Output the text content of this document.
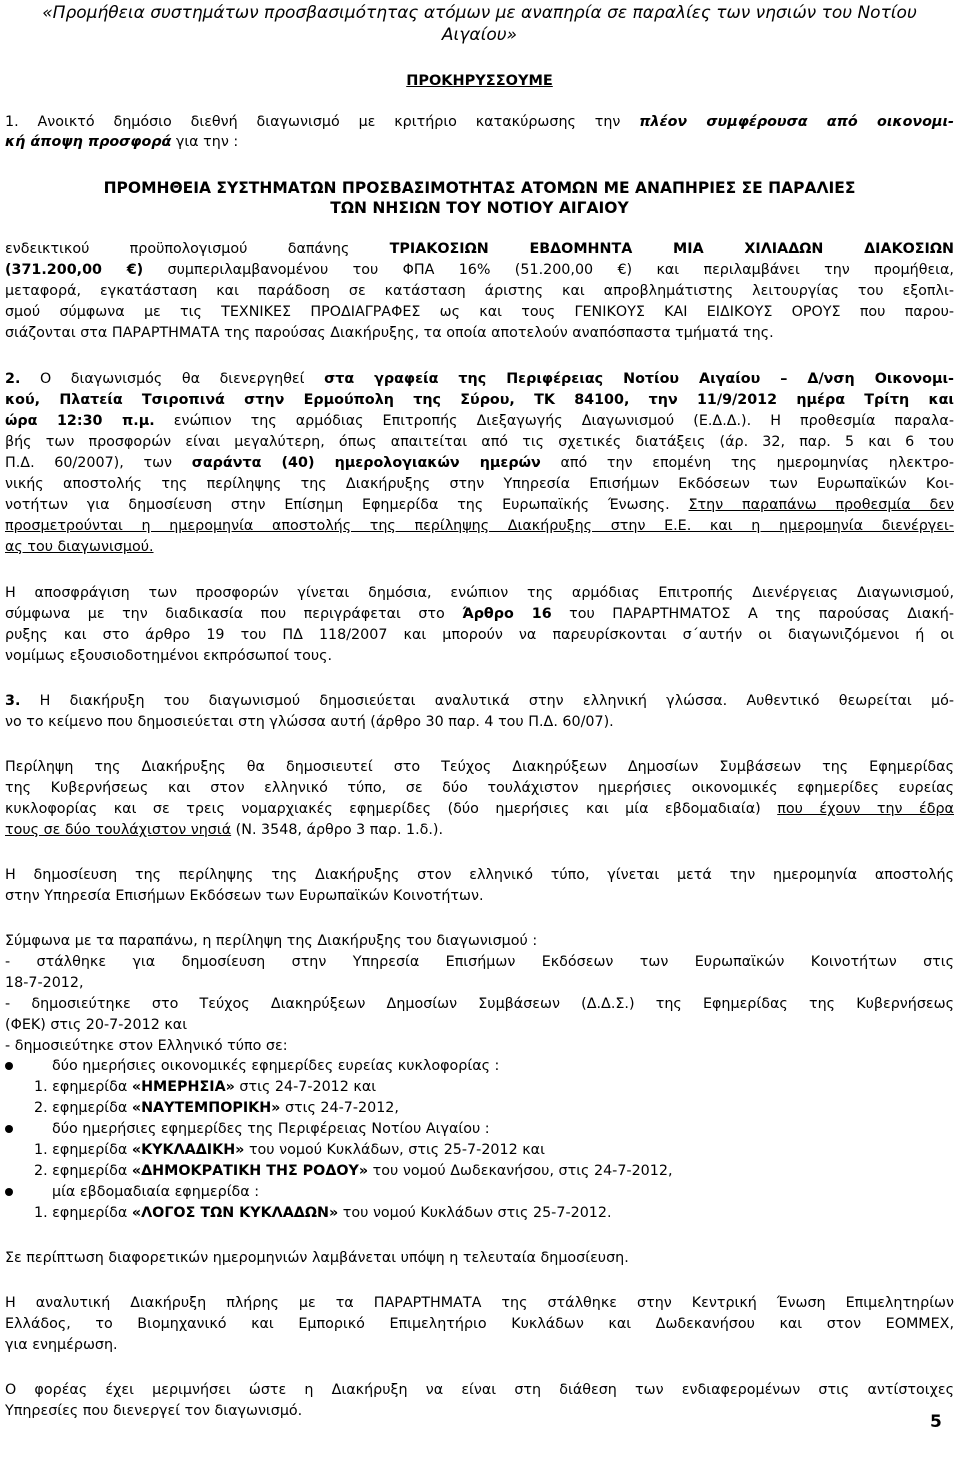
«Προμήθεια συστημάτων προσβασιμότητας ατόμων με αναπηρία σε παραλίες των νησιών του Νοτίου
Αιγαίου»
ΠΡΟΚΗΡΥΣΣΟΥΜΕ
1. Ανοικτό δημόσιο διεθνή διαγωνισμό με κριτήριο κατακύρωσης την πλέον συμφέρουσα από οικονομι-
κή άποψη προσφορά για την :
ΠΡΟΜΗΘΕΙΑ ΣΥΣΤΗΜΑΤΩΝ ΠΡΟΣΒΑΣΙΜΟΤΗΤΑΣ ΑΤΟΜΩΝ ΜΕ ΑΝΑΠΗΡΙΕΣ ΣΕ ΠΑΡΑΛΙΕΣ
ΤΩΝ ΝΗΣΙΩΝ ΤΟΥ ΝΟΤΙΟΥ ΑΙΓΑΙΟΥ
ενδεικτικού προϋπολογισμού δαπάνης ΤΡΙΑΚΟΣΙΩΝ ΕΒΔΟΜΗΝΤΑ ΜΙΑ ΧΙΛΙΑΔΩΝ ΔΙΑΚΟΣΙΩΝ
(371.200,00 €) συμπεριλαμβανομένου του ΦΠΑ 16% (51.200,00 €) και περιλαμβάνει την προμήθεια,
μεταφορά, εγκατάσταση και παράδοση σε κατάσταση άριστης και απροβλημάτιστης λειτουργίας του εξοπλι-
σμού σύμφωνα με τις ΤΕΧΝΙΚΕΣ ΠΡΟΔΙΑΓΡΑΦΕΣ ως και τους ΓΕΝΙΚΟΥΣ ΚΑΙ ΕΙΔΙΚΟΥΣ ΟΡΟΥΣ που παρου-
σιάζονται στα ΠΑΡΑΡΤΗΜΑΤΑ της παρούσας Διακήρυξης, τα οποία αποτελούν αναπόσπαστα τμήματά της.
2. Ο διαγωνισμός θα διενεργηθεί στα γραφεία της Περιφέρειας Νοτίου Αιγαίου – Δ/νση Οικονομι-
κού, Πλατεία Τσιροπινά στην Ερμούπολη της Σύρου, ΤΚ 84100, την 11/9/2012 ημέρα Τρίτη και
ώρα 12:30 π.μ. ενώπιον της αρμόδιας Επιτροπής Διεξαγωγής Διαγωνισμού (Ε.Δ.Δ.). Η προθεσμία παραλα-
βής των προσφορών είναι μεγαλύτερη, όπως απαιτείται από τις σχετικές διατάξεις (άρ. 32, παρ. 5 και 6 του
Π.Δ. 60/2007), των σαράντα (40) ημερολογιακών ημερών από την επομένη της ημερομηνίας ηλεκτρο-
νικής αποστολής της περίληψης της Διακήρυξης στην Υπηρεσία Επισήμων Εκδόσεων των Ευρωπαϊκών Κοι-
νοτήτων για δημοσίευση στην Επίσημη Εφημερίδα της Ευρωπαϊκής Ένωσης. Στην παραπάνω προθεσμία δεν
προσμετρούνται η ημερομηνία αποστολής της περίληψης Διακήρυξης στην Ε.Ε. και η ημερομηνία διενέργει-
ας του διαγωνισμού.
Η αποσφράγιση των προσφορών γίνεται δημόσια, ενώπιον της αρμόδιας Επιτροπής Διενέργειας Διαγωνισμού,
σύμφωνα με την διαδικασία που περιγράφεται στο Άρθρο 16 του ΠΑΡΑΡΤΗΜΑΤΟΣ Α της παρούσας Διακή-
ρυξης και στο άρθρο 19 του ΠΔ 118/2007 και μπορούν να παρευρίσκονται σ΄αυτήν οι διαγωνιζόμενοι ή οι
νομίμως εξουσιοδοτημένοι εκπρόσωποί τους.
3. Η διακήρυξη του διαγωνισμού δημοσιεύεται αναλυτικά στην ελληνική γλώσσα. Αυθεντικό θεωρείται μό-
νο το κείμενο που δημοσιεύεται στη γλώσσα αυτή (άρθρο 30 παρ. 4 του Π.Δ. 60/07).
Περίληψη της Διακήρυξης θα δημοσιευτεί στο Τεύχος Διακηρύξεων Δημοσίων Συμβάσεων της Εφημερίδας
της Κυβερνήσεως και στον ελληνικό τύπο, σε δύο τουλάχιστον ημερήσιες οικονομικές εφημερίδες ευρείας
κυκλοφορίας και σε τρεις νομαρχιακές εφημερίδες (δύο ημερήσιες και μία εβδομαδιαία) που έχουν την έδρα
τους σε δύο τουλάχιστον νησιά (Ν. 3548, άρθρο 3 παρ. 1.δ.).
Η δημοσίευση της περίληψης της Διακήρυξης στον ελληνικό τύπο, γίνεται μετά την ημερομηνία αποστολής
στην Υπηρεσία Επισήμων Εκδόσεων των Ευρωπαϊκών Κοινοτήτων.
Σύμφωνα με τα παραπάνω, η περίληψη της Διακήρυξης του διαγωνισμού :
- στάλθηκε για δημοσίευση στην Υπηρεσία Επισήμων Εκδόσεων των Ευρωπαϊκών Κοινοτήτων στις
18-7-2012,
- δημοσιεύτηκε στο Τεύχος Διακηρύξεων Δημοσίων Συμβάσεων (Δ.Δ.Σ.) της Εφημερίδας της Κυβερνήσεως
(ΦΕΚ) στις 20-7-2012 και
- δημοσιεύτηκε στον Ελληνικό τύπο σε:
δύο ημερήσιες οικονομικές εφημερίδες ευρείας κυκλοφορίας :
1. εφημερίδα «ΗΜΕΡΗΣΙΑ» στις 24-7-2012 και
2. εφημερίδα «ΝΑΥΤΕΜΠΟΡΙΚΗ» στις 24-7-2012,
δύο ημερήσιες εφημερίδες της Περιφέρειας Νοτίου Αιγαίου :
1. εφημερίδα «ΚΥΚΛΑΔΙΚΗ» του νομού Κυκλάδων, στις 25-7-2012 και
2. εφημερίδα «ΔΗΜΟΚΡΑΤΙΚΗ ΤΗΣ ΡΟΔΟΥ» του νομού Δωδεκανήσου, στις 24-7-2012,
μία εβδομαδιαία εφημερίδα :
1. εφημερίδα «ΛΟΓΟΣ ΤΩΝ ΚΥΚΛΑΔΩΝ» του νομού Κυκλάδων στις 25-7-2012.
Σε περίπτωση διαφορετικών ημερομηνιών λαμβάνεται υπόψη η τελευταία δημοσίευση.
Η αναλυτική Διακήρυξη πλήρης με τα ΠΑΡΑΡΤΗΜΑΤΑ της στάλθηκε στην Κεντρική Ένωση Επιμελητηρίων
Ελλάδος, το Βιομηχανικό και Εμπορικό Επιμελητήριο Κυκλάδων και Δωδεκανήσου και στον ΕΟΜΜΕΧ,
για ενημέρωση.
Ο φορέας έχει μεριμνήσει ώστε η Διακήρυξη να είναι στη διάθεση των ενδιαφερομένων στις αντίστοιχες
Υπηρεσίες που διενεργεί τον διαγωνισμό.
5
